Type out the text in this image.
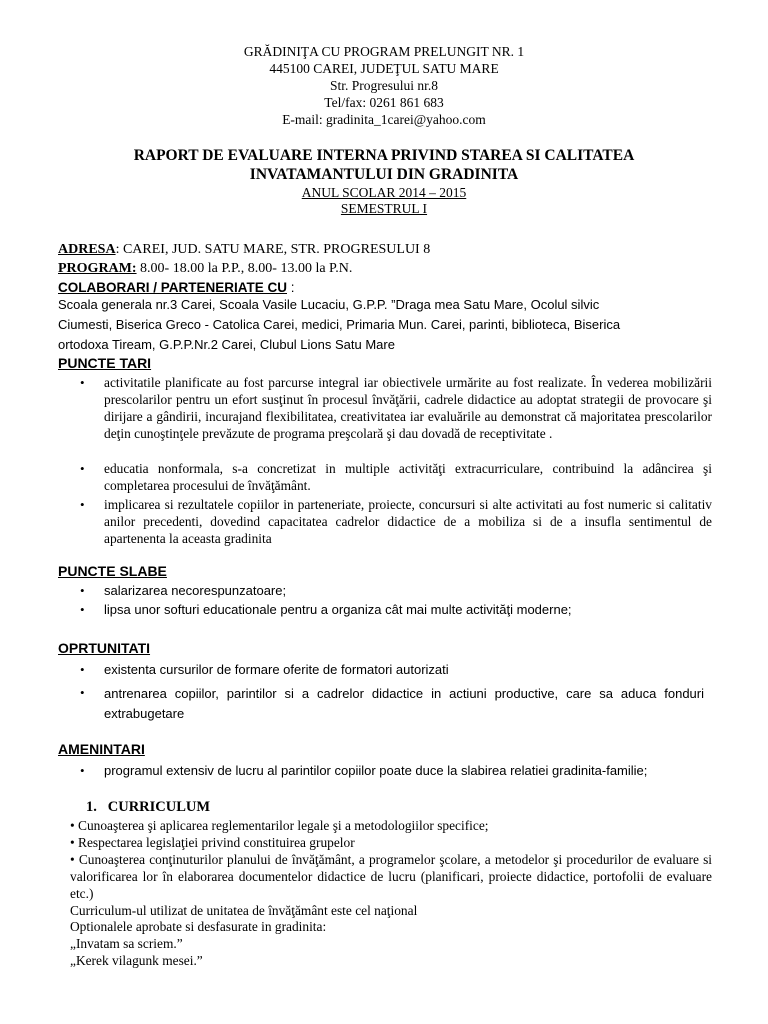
GRĂDINIŢA CU PROGRAM PRELUNGIT NR. 1
445100 CAREI, JUDEŢUL SATU MARE
Str. Progresului nr.8
Tel/fax: 0261 861 683
E-mail: gradinita_1carei@yahoo.com
RAPORT DE EVALUARE INTERNA PRIVIND STAREA SI CALITATEA
INVATAMANTULUI DIN GRADINITA
ANUL SCOLAR 2014 – 2015
SEMESTRUL I
ADRESA: CAREI, JUD. SATU MARE, STR. PROGRESULUI 8
PROGRAM: 8.00- 18.00 la P.P., 8.00- 13.00 la P.N.
COLABORARI / PARTENERIATE CU :
Scoala generala nr.3 Carei, Scoala Vasile Lucaciu, G.P.P. ”Draga mea Satu Mare, Ocolul silvic
Ciumesti, Biserica Greco - Catolica Carei, medici, Primaria Mun. Carei, parinti, biblioteca, Biserica
ortodoxa Tiream, G.P.P.Nr.2 Carei, Clubul Lions Satu Mare
PUNCTE TARI
• activitatile planificate au fost parcurse integral iar obiectivele urmărite au fost realizate. În vederea mobilizării prescolarilor pentru un efort susţinut în procesul învăţării, cadrele didactice au adoptat strategii de provocare şi dirijare a gândirii, incurajand flexibilitatea, creativitatea iar evaluările au demonstrat că majoritatea prescolarilor deţin cunoştinţele prevăzute de programa preşcolară şi dau dovadă de receptivitate .
• educatia nonformala, s-a concretizat in multiple activităţi extracurriculare, contribuind la adâncirea şi completarea procesului de învăţământ.
• implicarea si rezultatele copiilor in parteneriate, proiecte, concursuri si alte activitati au fost numeric si calitativ anilor precedenti, dovedind capacitatea cadrelor didactice de a mobiliza si de a insufla sentimentul de apartenenta la aceasta gradinita
PUNCTE SLABE
• salarizarea necorespunzatoare;
• lipsa unor softuri educationale pentru a organiza cât mai multe activităţi moderne;
OPRTUNITATI
• existenta cursurilor de formare oferite de formatori autorizati
• antrenarea copiilor, parintilor si a cadrelor didactice in actiuni productive, care sa aduca fonduri extrabugetare
AMENINTARI
• programul extensiv de lucru al parintilor copiilor poate duce la slabirea relatiei gradinita-familie;
1. CURRICULUM
• Cunoaşterea şi aplicarea reglementarilor legale şi a metodologiilor specifice;
• Respectarea legislaţiei privind constituirea grupelor
• Cunoaşterea conţinuturilor planului de învăţământ, a programelor şcolare, a metodelor şi procedurilor de evaluare si valorificarea lor în elaborarea documentelor didactice de lucru (planificari, proiecte didactice, portofolii de evaluare etc.)
Curriculum-ul utilizat de unitatea de învăţământ este cel naţional
Optionalele aprobate si desfasurate in gradinita:
„Invatam sa scriem.”
„Kerek vilagunk mesei.”
